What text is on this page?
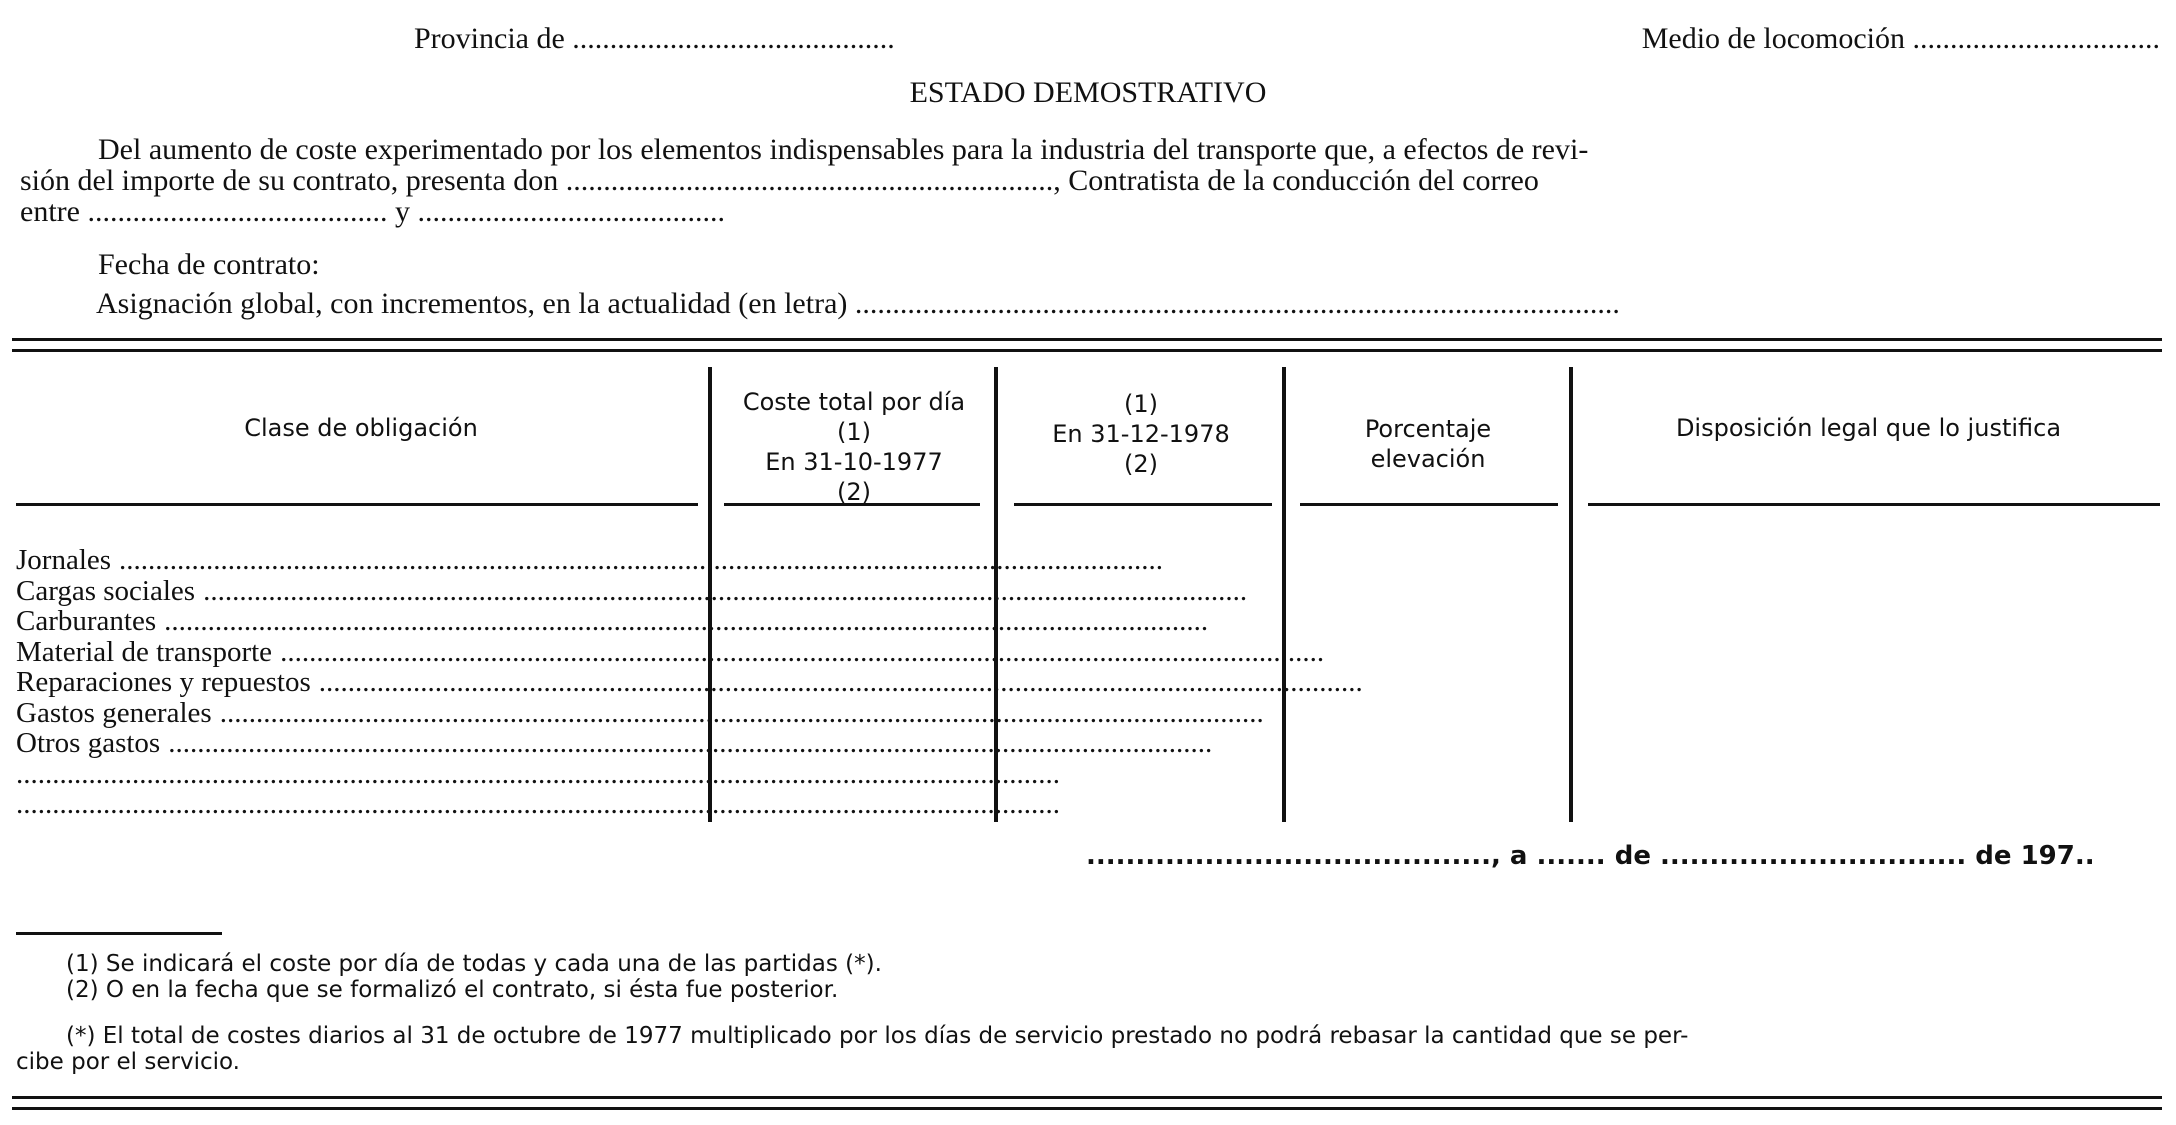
Provincia de ...........................................	Medio de locomoción .................................
ESTADO DEMOSTRATIVO
Del aumento de coste experimentado por los elementos indispensables para la industria del transporte que, a efectos de revi-
sión del importe de su contrato, presenta don ................................................................., Contratista de la conducción del correo
entre ........................................ y .........................................
Fecha de contrato:
Asignación global, con incrementos, en la actualidad (en letra) ......................................................................................................
Clase de obligación
Coste total por día
(1)
En 31-10-1977
(2)
(1)
En 31-12-1978
(2)
Porcentaje
elevación
Disposición legal que lo justifica
Jornales ................................................................................................................................................
Cargas sociales ................................................................................................................................................
Carburantes ................................................................................................................................................
Material de transporte ................................................................................................................................................
Reparaciones y repuestos ................................................................................................................................................
Gastos generales ................................................................................................................................................
Otros gastos ................................................................................................................................................
................................................................................................................................................
................................................................................................................................................
........................................., a ....... de ............................... de 197..
(1) Se indicará el coste por día de todas y cada una de las partidas (*).
(2) O en la fecha que se formalizó el contrato, si ésta fue posterior.
(*) El total de costes diarios al 31 de octubre de 1977 multiplicado por los días de servicio prestado no podrá rebasar la cantidad que se per-
cibe por el servicio.
